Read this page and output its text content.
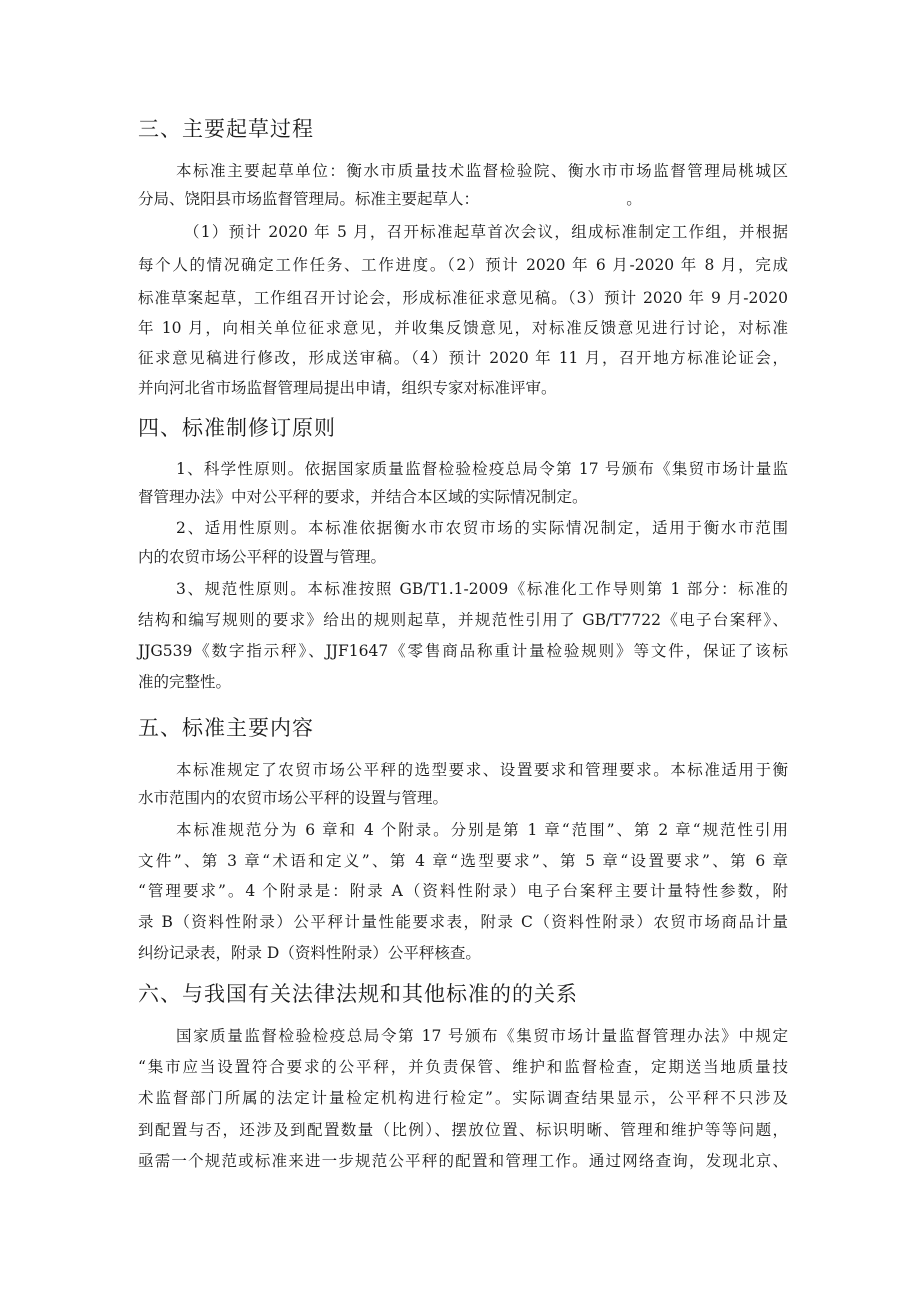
三、主要起草过程
本标准主要起草单位：衡水市质量技术监督检验院、衡水市市场监督管理局桃城区
分局、饶阳县市场监督管理局。标准主要起草人：　　　　　　　　　　。
（1）预计 2020 年 5 月，召开标准起草首次会议，组成标准制定工作组，并根据
每个人的情况确定工作任务、工作进度。（2）预计 2020 年 6 月-2020 年 8 月，完成
标准草案起草，工作组召开讨论会，形成标准征求意见稿。（3）预计 2020 年 9 月-2020
年 10 月，向相关单位征求意见，并收集反馈意见，对标准反馈意见进行讨论，对标准
征求意见稿进行修改，形成送审稿。（4）预计 2020 年 11 月，召开地方标准论证会，
并向河北省市场监督管理局提出申请，组织专家对标准评审。
四、标准制修订原则
1、科学性原则。依据国家质量监督检验检疫总局令第 17 号颁布《集贸市场计量监
督管理办法》中对公平秤的要求，并结合本区域的实际情况制定。
2、适用性原则。本标准依据衡水市农贸市场的实际情况制定，适用于衡水市范围
内的农贸市场公平秤的设置与管理。
3、规范性原则。本标准按照 GB/T1.1-2009《标准化工作导则第 1 部分：标准的
结构和编写规则的要求》给出的规则起草，并规范性引用了 GB/T7722《电子台案秤》、
JJG539《数字指示秤》、JJF1647《零售商品称重计量检验规则》等文件，保证了该标
准的完整性。
五、标准主要内容
本标准规定了农贸市场公平秤的选型要求、设置要求和管理要求。本标准适用于衡
水市范围内的农贸市场公平秤的设置与管理。
本标准规范分为 6 章和 4 个附录。分别是第 1 章“范围”、第 2 章“规范性引用
文件”、第 3 章“术语和定义”、第 4 章“选型要求”、第 5 章“设置要求”、第 6 章
“管理要求”。4 个附录是：附录 A（资料性附录）电子台案秤主要计量特性参数，附
录 B（资料性附录）公平秤计量性能要求表，附录 C（资料性附录）农贸市场商品计量
纠纷记录表，附录 D（资料性附录）公平秤核查。
六、与我国有关法律法规和其他标准的的关系
国家质量监督检验检疫总局令第 17 号颁布《集贸市场计量监督管理办法》中规定
“集市应当设置符合要求的公平秤，并负责保管、维护和监督检查，定期送当地质量技
术监督部门所属的法定计量检定机构进行检定”。实际调查结果显示，公平秤不只涉及
到配置与否，还涉及到配置数量（比例）、摆放位置、标识明晰、管理和维护等等问题，
亟需一个规范或标准来进一步规范公平秤的配置和管理工作。通过网络查询，发现北京、
